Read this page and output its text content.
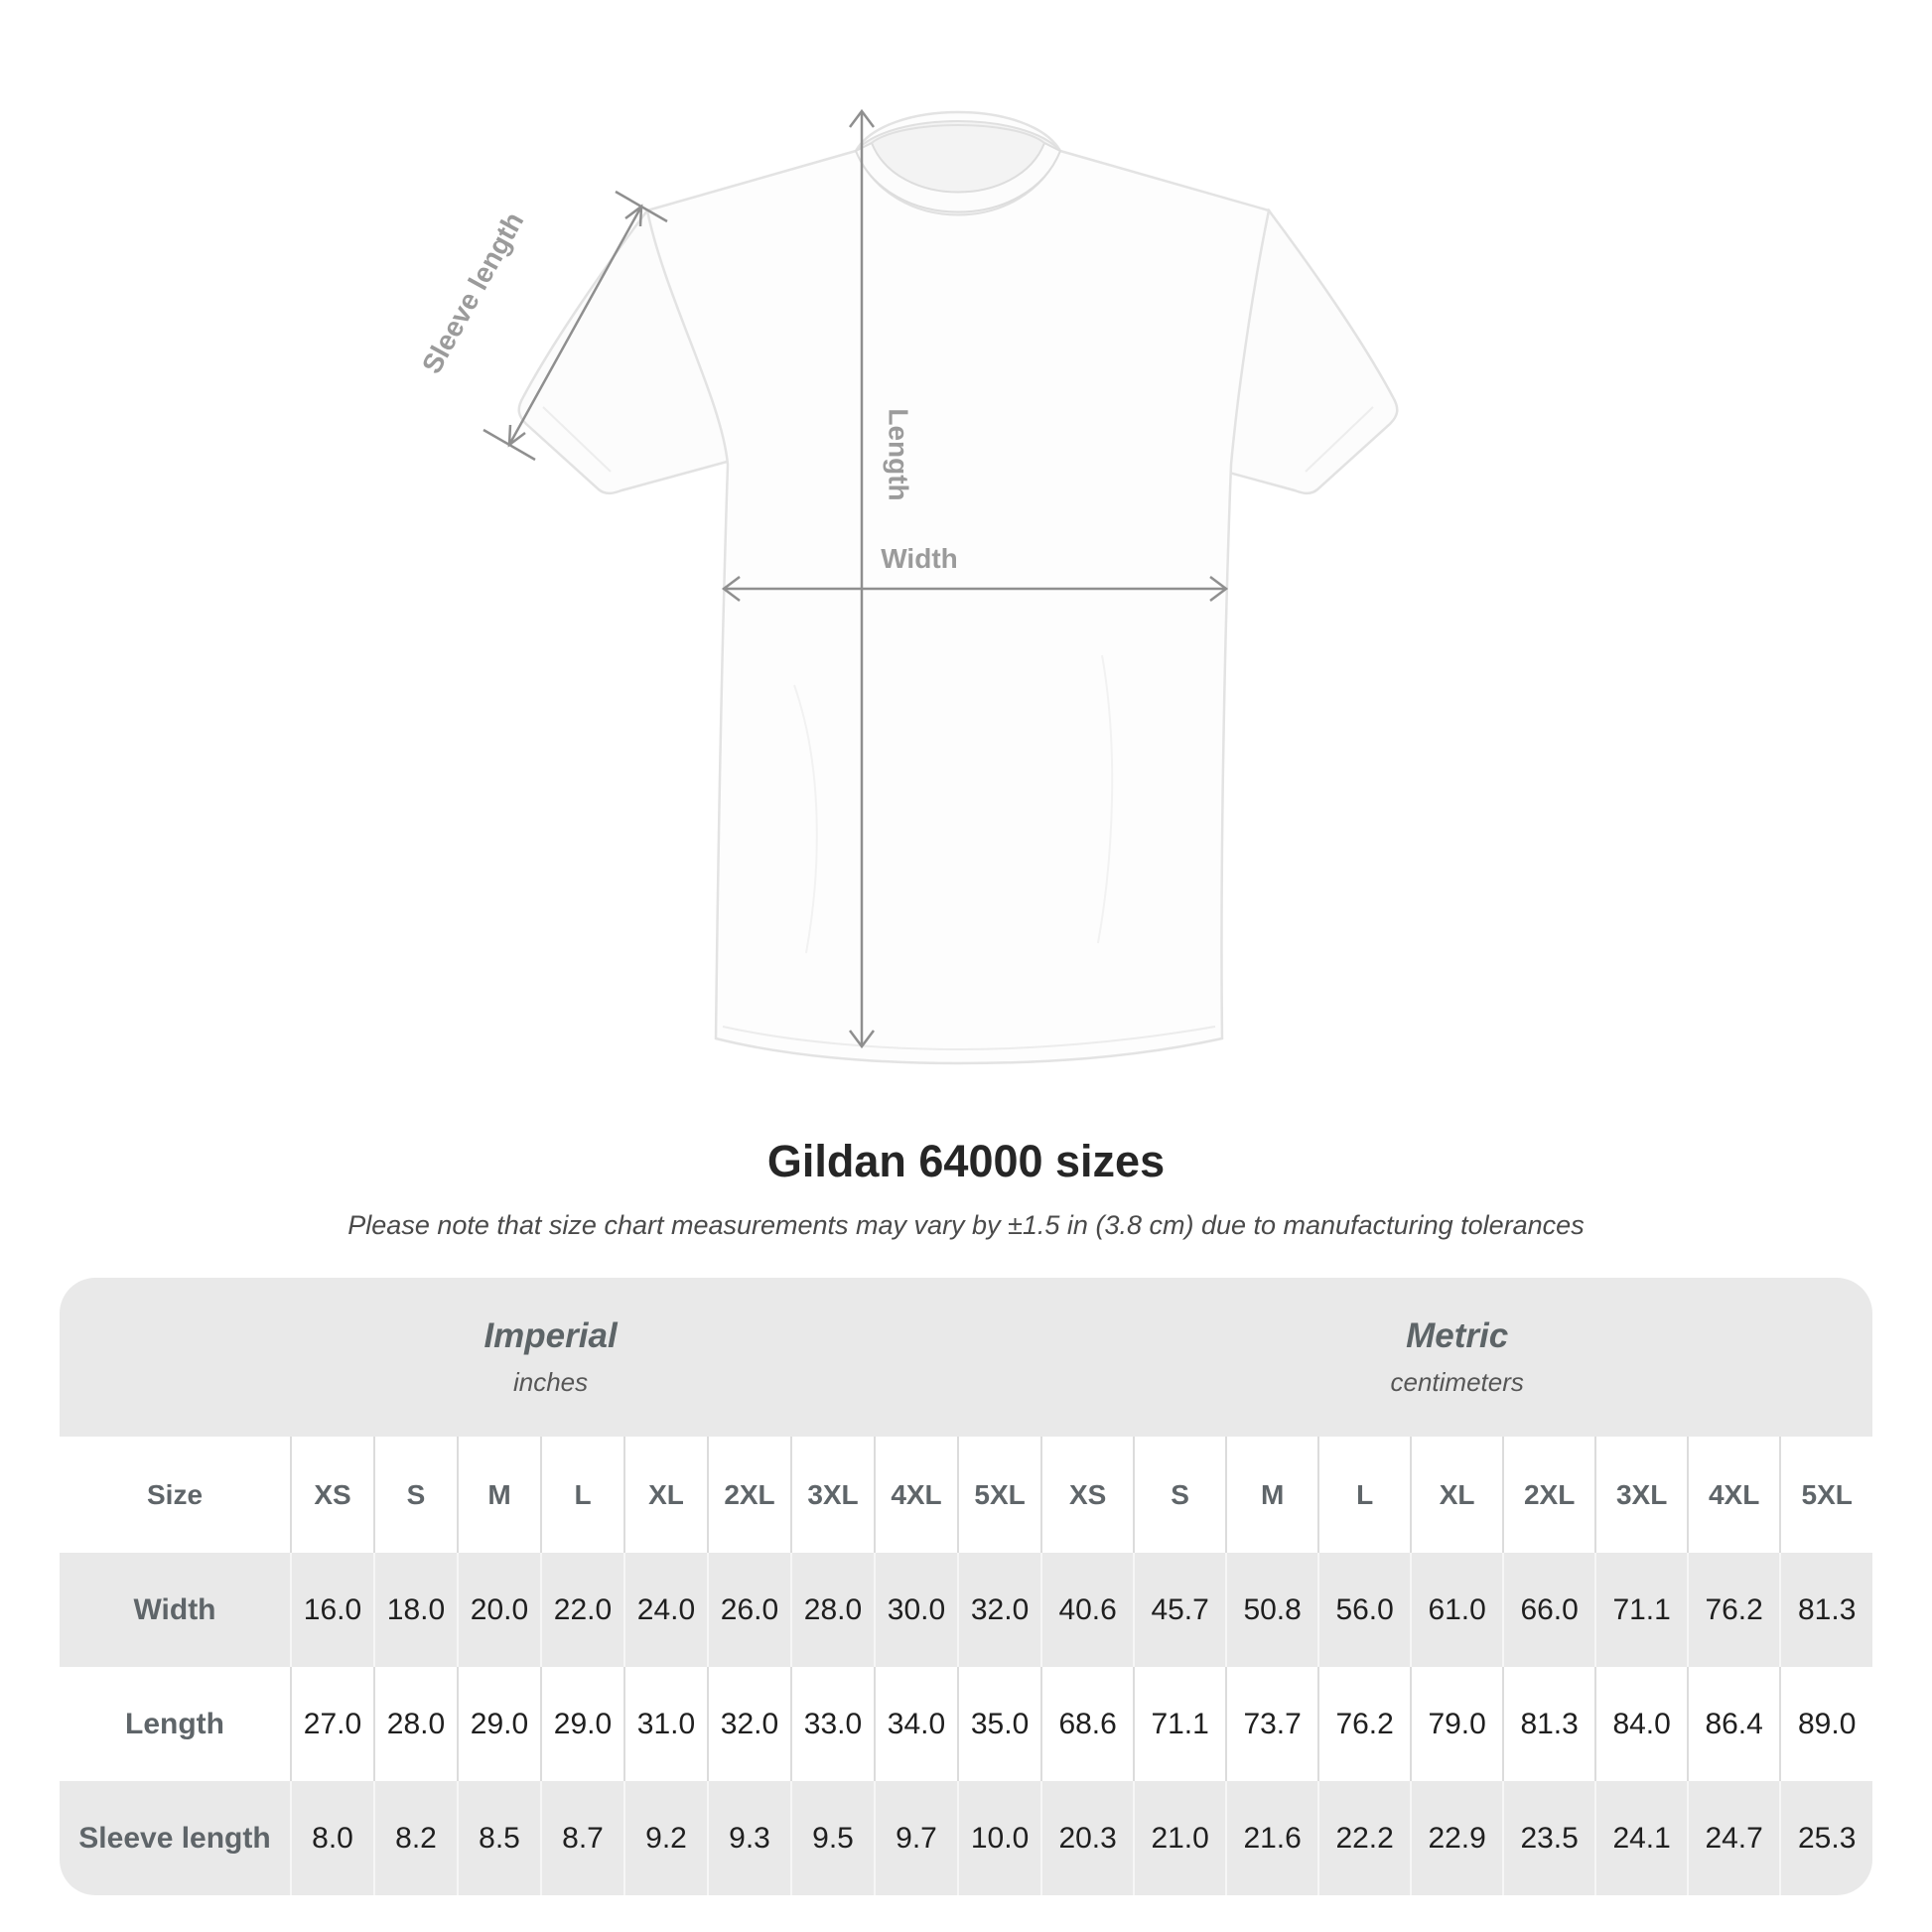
Sleeve length
Length
Width
Gildan 64000 sizes
Please note that size chart measurements may vary by ±1.5 in (3.8 cm) due to manufacturing tolerances
Imperial
inches

Metric
centimeters

Size	XS	S	M	L	XL	2XL	3XL	4XL	5XL	XS	S	M	L	XL	2XL	3XL	4XL	5XL
Width	16.0	18.0	20.0	22.0	24.0	26.0	28.0	30.0	32.0	40.6	45.7	50.8	56.0	61.0	66.0	71.1	76.2	81.3
Length	27.0	28.0	29.0	29.0	31.0	32.0	33.0	34.0	35.0	68.6	71.1	73.7	76.2	79.0	81.3	84.0	86.4	89.0
Sleeve length	8.0	8.2	8.5	8.7	9.2	9.3	9.5	9.7	10.0	20.3	21.0	21.6	22.2	22.9	23.5	24.1	24.7	25.3
